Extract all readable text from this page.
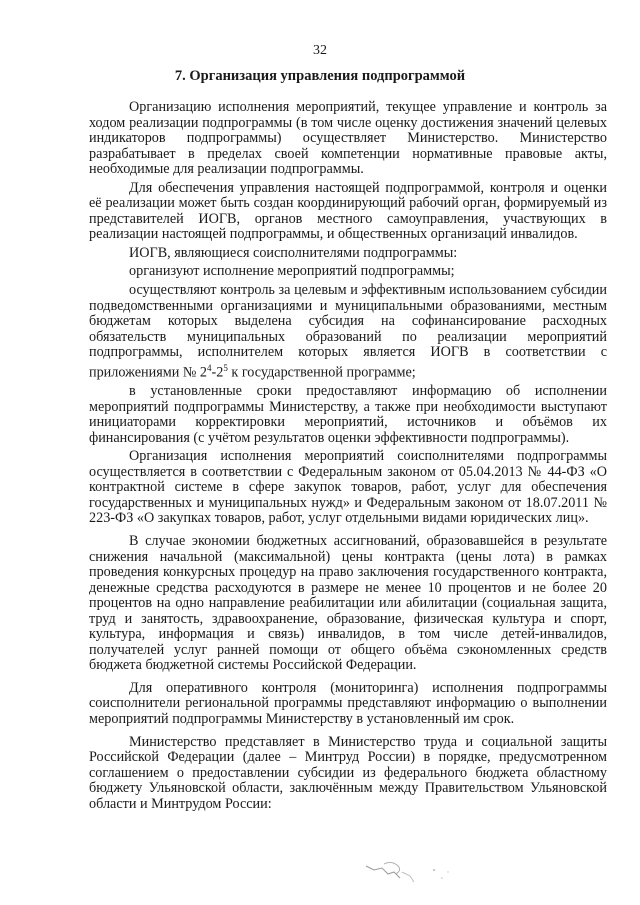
32
7. Организация управления подпрограммой

Организацию исполнения мероприятий, текущее управление и контроль за ходом реализации подпрограммы (в том числе оценку достижения значений целевых индикаторов подпрограммы) осуществляет Министерство. Министерство разрабатывает в пределах своей компетенции нормативные правовые акты, необходимые для реализации подпрограммы.

Для обеспечения управления настоящей подпрограммой, контроля и оценки её реализации может быть создан координирующий рабочий орган, формируемый из представителей ИОГВ, органов местного самоуправления, участвующих в реализации настоящей подпрограммы, и общественных организаций инвалидов.

ИОГВ, являющиеся соисполнителями подпрограммы:

организуют исполнение мероприятий подпрограммы;

осуществляют контроль за целевым и эффективным использованием субсидии подведомственными организациями и муниципальными образованиями, местным бюджетам которых выделена субсидия на софинансирование расходных обязательств муниципальных образований по реализации мероприятий подпрограммы, исполнителем которых является ИОГВ в соответствии с приложениями № $2^4-2^5$ к государственной программе;

в установленные сроки предоставляют информацию об исполнении мероприятий подпрограммы Министерству, а также при необходимости выступают инициаторами корректировки мероприятий, источников и объёмов их финансирования (с учётом результатов оценки эффективности подпрограммы).

Организация исполнения мероприятий соисполнителями подпрограммы осуществляется в соответствии с Федеральным законом от 05.04.2013 № 44-ФЗ «О контрактной системе в сфере закупок товаров, работ, услуг для обеспечения государственных и муниципальных нужд» и Федеральным законом от 18.07.2011 № 223-ФЗ «О закупках товаров, работ, услуг отдельными видами юридических лиц».

В случае экономии бюджетных ассигнований, образовавшейся в результате снижения начальной (максимальной) цены контракта (цены лота) в рамках проведения конкурсных процедур на право заключения государственного контракта, денежные средства расходуются в размере не менее 10 процентов и не более 20 процентов на одно направление реабилитации или абилитации (социальная защита, труд и занятость, здравоохранение, образование, физическая культура и спорт, культура, информация и связь) инвалидов, в том числе детей-инвалидов, получателей услуг ранней помощи от общего объёма сэкономленных средств бюджета бюджетной системы Российской Федерации.

Для оперативного контроля (мониторинга) исполнения подпрограммы соисполнители региональной программы представляют информацию о выполнении мероприятий подпрограммы Министерству в установленный им срок.

Министерство представляет в Министерство труда и социальной защиты Российской Федерации (далее – Минтруд России) в порядке, предусмотренном соглашением о предоставлении субсидии из федерального бюджета областному бюджету Ульяновской области, заключённым между Правительством Ульяновской области и Минтрудом России:
